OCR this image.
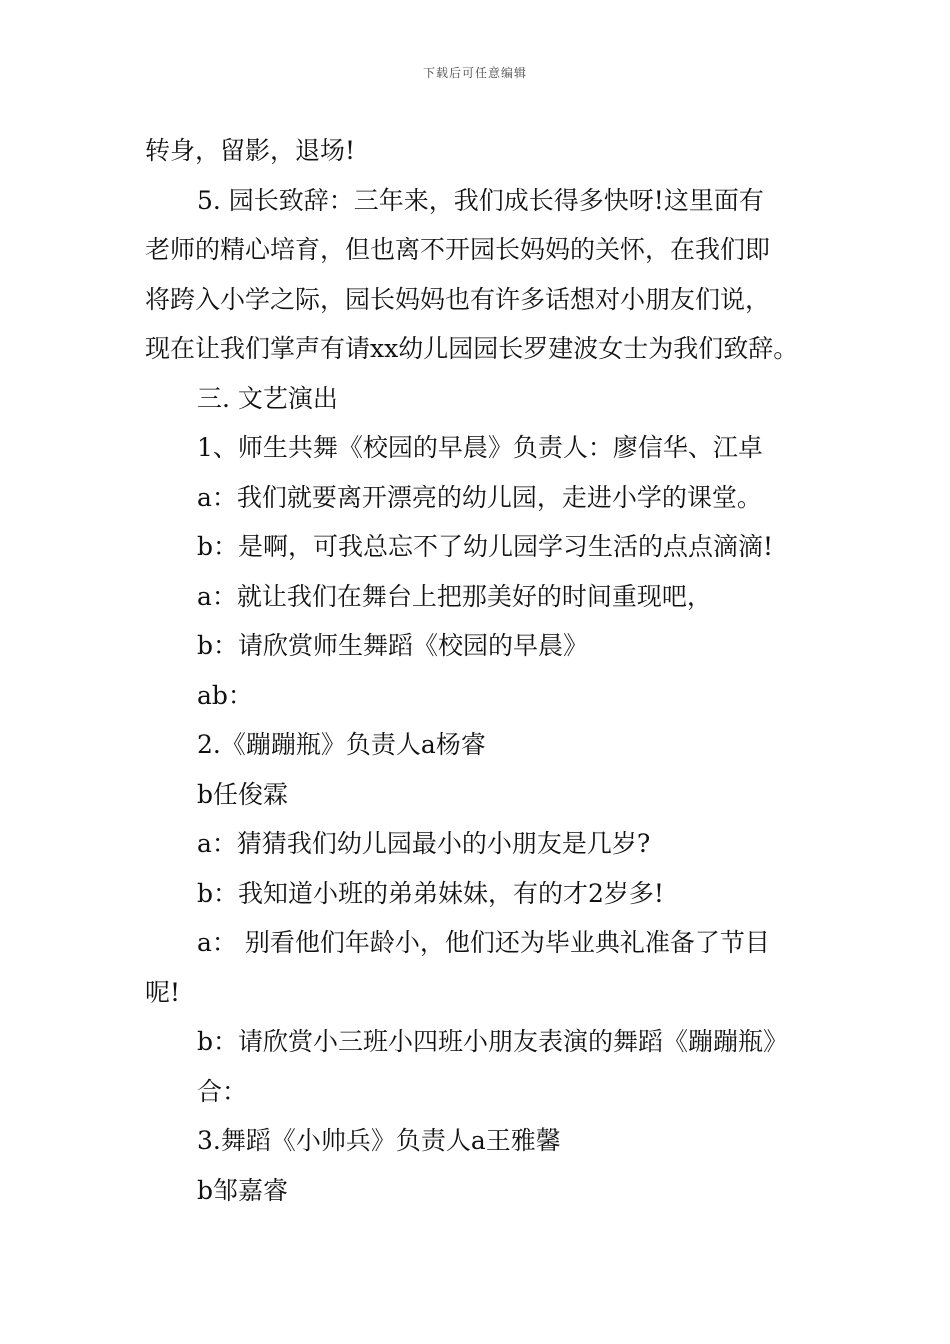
下载后可任意编辑
转身，留影，退场!
5. 园长致辞：三年来，我们成长得多快呀!这里面有
老师的精心培育，但也离不开园长妈妈的关怀，在我们即
将跨入小学之际，园长妈妈也有许多话想对小朋友们说，
现在让我们掌声有请xx幼儿园园长罗建波女士为我们致辞。
三. 文艺演出
1、师生共舞《校园的早晨》负责人：廖信华、江卓
a：我们就要离开漂亮的幼儿园，走进小学的课堂。
b：是啊，可我总忘不了幼儿园学习生活的点点滴滴!
a：就让我们在舞台上把那美好的时间重现吧，
b：请欣赏师生舞蹈《校园的早晨》
ab：
2.《蹦蹦瓶》负责人a杨睿
b任俊霖
a：猜猜我们幼儿园最小的小朋友是几岁?
b：我知道小班的弟弟妹妹，有的才2岁多!
a： 别看他们年龄小，他们还为毕业典礼准备了节目
呢!
b：请欣赏小三班小四班小朋友表演的舞蹈《蹦蹦瓶》
合：
3.舞蹈《小帅兵》负责人a王雅馨
b邹嘉睿
